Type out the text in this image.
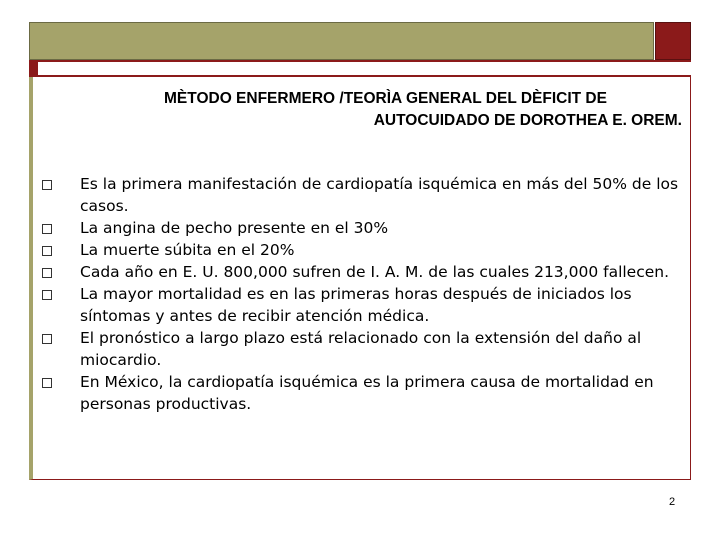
MÈTODO ENFERMERO /TEORÌA GENERAL DEL DÈFICIT DE
AUTOCUIDADO DE DOROTHEA E. OREM.
Es la primera manifestación de cardiopatía isquémica en más del 50% de los casos.
La angina de pecho presente en el 30%
La muerte súbita en el 20%
Cada año en E. U. 800,000 sufren de I. A. M. de las cuales 213,000 fallecen.
La mayor mortalidad es en las primeras horas después de iniciados los síntomas y antes de recibir atención médica.
El pronóstico a largo plazo está relacionado con la extensión del daño al miocardio.
En México, la cardiopatía isquémica es la primera causa de mortalidad en personas productivas.
2
